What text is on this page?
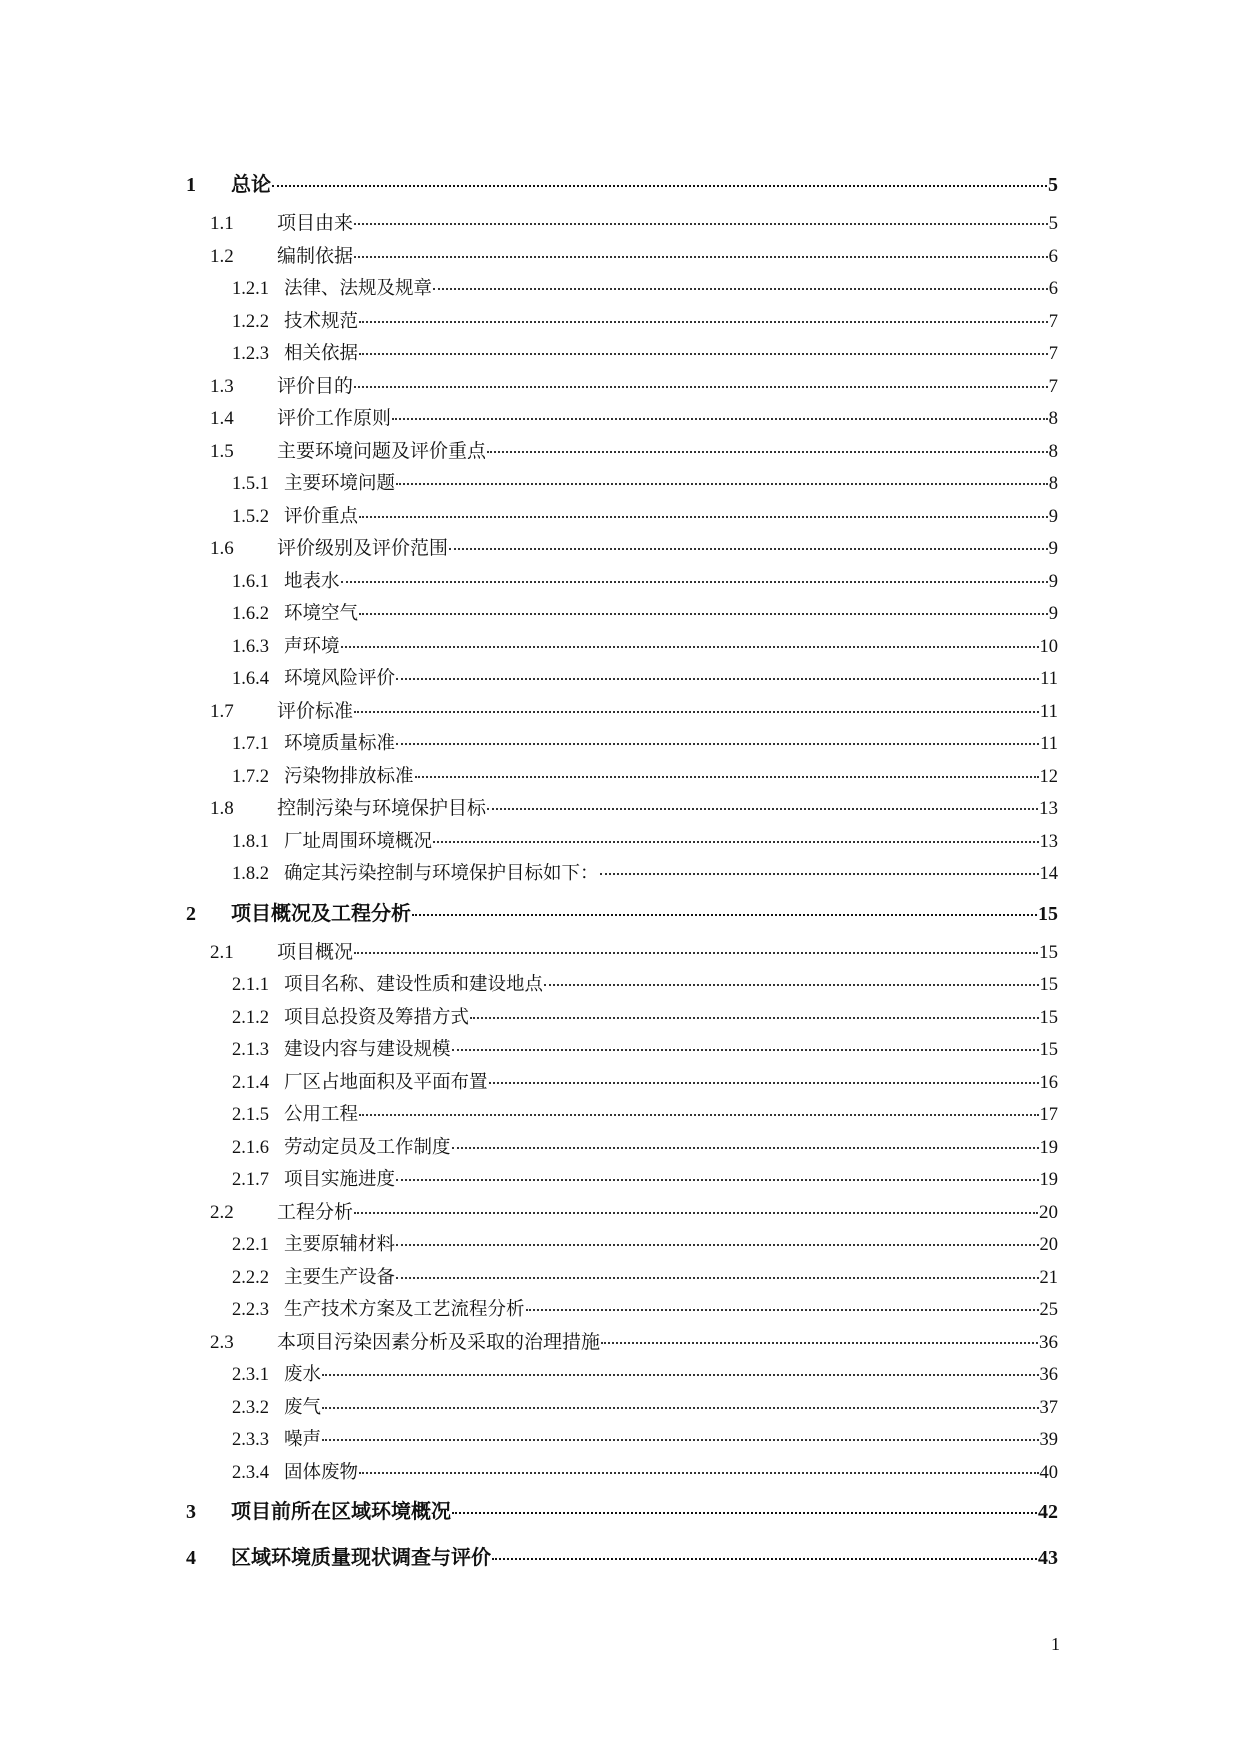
1	总论	5
1.1	项目由来	5
1.2	编制依据	6
1.2.1 法律、法规及规章	6
1.2.2 技术规范	7
1.2.3 相关依据	7
1.3	评价目的	7
1.4	评价工作原则	8
1.5	主要环境问题及评价重点	8
1.5.1 主要环境问题	8
1.5.2 评价重点	9
1.6	评价级别及评价范围	9
1.6.1 地表水	9
1.6.2 环境空气	9
1.6.3 声环境	10
1.6.4 环境风险评价	11
1.7	评价标准	11
1.7.1 环境质量标准	11
1.7.2 污染物排放标准	12
1.8	控制污染与环境保护目标	13
1.8.1 厂址周围环境概况	13
1.8.2 确定其污染控制与环境保护目标如下：	14
2	项目概况及工程分析	15
2.1	项目概况	15
2.1.1 项目名称、建设性质和建设地点	15
2.1.2 项目总投资及筹措方式	15
2.1.3 建设内容与建设规模	15
2.1.4 厂区占地面积及平面布置	16
2.1.5 公用工程	17
2.1.6 劳动定员及工作制度	19
2.1.7 项目实施进度	19
2.2	工程分析	20
2.2.1 主要原辅材料	20
2.2.2 主要生产设备	21
2.2.3 生产技术方案及工艺流程分析	25
2.3	本项目污染因素分析及采取的治理措施	36
2.3.1 废水	36
2.3.2 废气	37
2.3.3 噪声	39
2.3.4 固体废物	40
3	项目前所在区域环境概况	42
4	区域环境质量现状调查与评价	43
1
